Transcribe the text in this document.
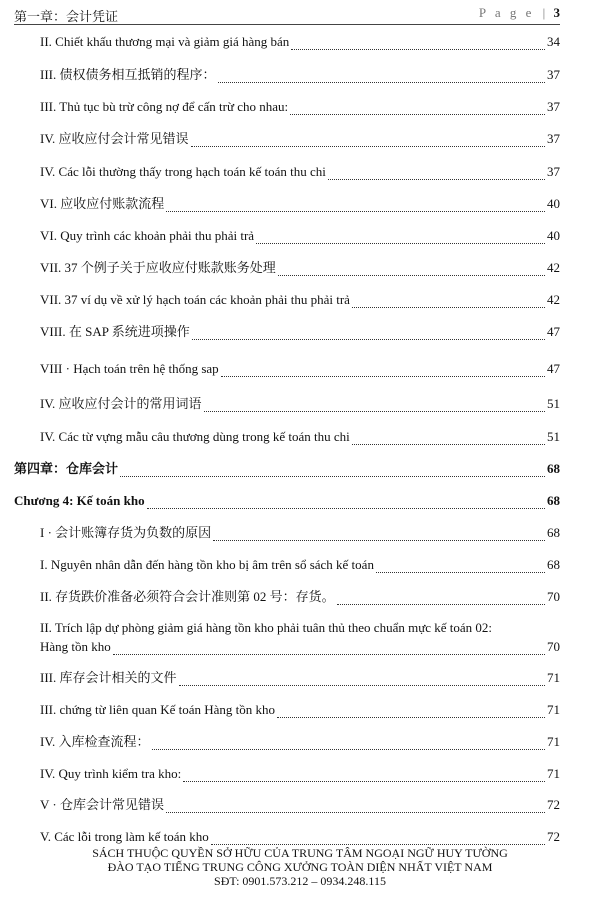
第一章：会计凭证	P a g e | 3
II. Chiết khấu thương mại và giảm giá hàng bán	34
III. 债权债务相互抵销的程序：	37
III. Thủ tục bù trừ công nợ để cấn trừ cho nhau:	37
IV. 应收应付会计常见错误	37
IV. Các lỗi thường thấy trong hạch toán kế toán thu chi	37
VI. 应收应付账款流程	40
VI. Quy trình các khoản phải thu phải trả	40
VII. 37 个例子关于应收应付账款账务处理	42
VII. 37 ví dụ về xử lý hạch toán các khoản phải thu phải trả	42
VIII. 在 SAP 系统进项操作	47
VIII · Hạch toán trên hệ thống sap	47
IV. 应收应付会计的常用词语	51
IV. Các từ vựng mẫu câu thương dùng trong kế toán thu chi	51
第四章：仓库会计	68
Chương 4: Kế toán kho	68
I · 会计账簿存货为负数的原因	68
I. Nguyên nhân dẫn đến hàng tồn kho bị âm trên sổ sách kế toán	68
II. 存货跌价准备必须符合会计准则第 02 号：存货。	70
II. Trích lập dự phòng giảm giá hàng tồn kho phải tuân thủ theo chuẩn mực kế toán 02:
Hàng tồn kho	70
III. 库存会计相关的文件	71
III. chứng từ liên quan Kế toán Hàng tồn kho	71
IV. 入库检查流程：	71
IV. Quy trình kiểm tra kho:	71
V · 仓库会计常见错误	72
V. Các lỗi trong làm kế toán kho	72
SÁCH THUỘC QUYỀN SỞ HỮU CỦA TRUNG TÂM NGOẠI NGỮ HUY TƯỜNG
ĐÀO TẠO TIẾNG TRUNG CÔNG XƯỞNG TOÀN DIỆN NHẤT VIỆT NAM
SĐT: 0901.573.212 – 0934.248.115
